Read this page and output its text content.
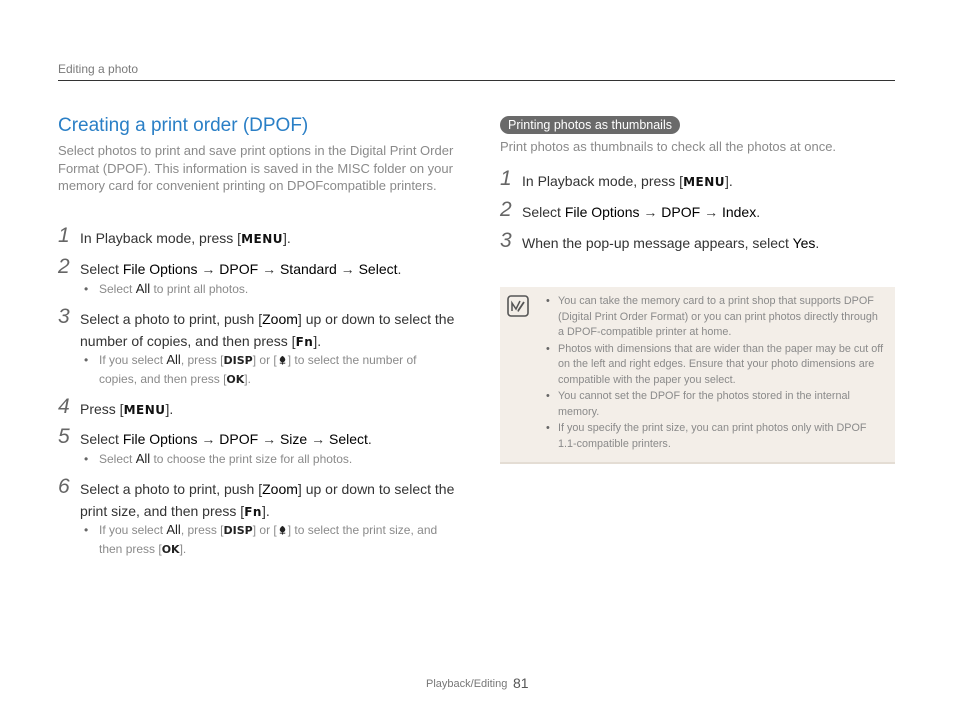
Editing a photo
Creating a print order (DPOF)
Select photos to print and save print options in the Digital Print Order Format (DPOF). This information is saved in the MISC folder on your memory card for convenient printing on DPOFcompatible printers.
1 In Playback mode, press [MENU].
2 Select File Options → DPOF → Standard → Select.
• Select All to print all photos.
3 Select a photo to print, push [Zoom] up or down to select the number of copies, and then press [Fn].
• If you select All, press [DISP] or [ ] to select the number of copies, and then press [OK].
4 Press [MENU].
5 Select File Options → DPOF → Size → Select.
• Select All to choose the print size for all photos.
6 Select a photo to print, push [Zoom] up or down to select the print size, and then press [Fn].
• If you select All, press [DISP] or [ ] to select the print size, and then press [OK].
Printing photos as thumbnails
Print photos as thumbnails to check all the photos at once.
1 In Playback mode, press [MENU].
2 Select File Options → DPOF → Index.
3 When the pop-up message appears, select Yes.
• You can take the memory card to a print shop that supports DPOF (Digital Print Order Format) or you can print photos directly through a DPOF-compatible printer at home.
• Photos with dimensions that are wider than the paper may be cut off on the left and right edges. Ensure that your photo dimensions are compatible with the paper you select.
• You cannot set the DPOF for the photos stored in the internal memory.
• If you specify the print size, you can print photos only with DPOF 1.1-compatible printers.
Playback/Editing 81
